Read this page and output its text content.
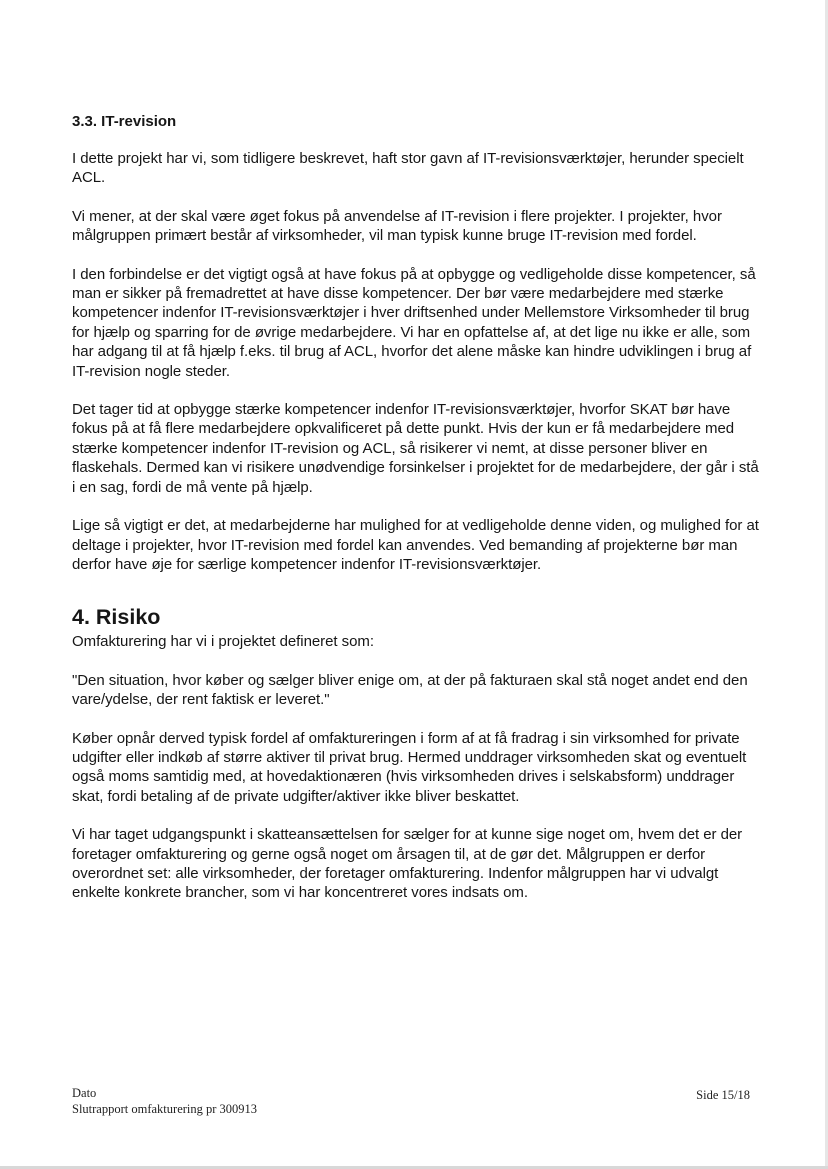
3.3. IT-revision

I dette projekt har vi, som tidligere beskrevet, haft stor gavn af IT-revisionsværktøjer, herunder specielt ACL.

Vi mener, at der skal være øget fokus på anvendelse af IT-revision i flere projekter. I projekter, hvor målgruppen primært består af virksomheder, vil man typisk kunne bruge IT-revision med fordel.

I den forbindelse er det vigtigt også at have fokus på at opbygge og vedligeholde disse kompetencer, så man er sikker på fremadrettet at have disse kompetencer. Der bør være medarbejdere med stærke kompetencer indenfor IT-revisionsværktøjer i hver driftsenhed under Mellemstore Virksomheder til brug for hjælp og sparring for de øvrige medarbejdere. Vi har en opfattelse af, at det lige nu ikke er alle, som har adgang til at få hjælp f.eks. til brug af ACL, hvorfor det alene måske kan hindre udviklingen i brug af IT-revision nogle steder.

Det tager tid at opbygge stærke kompetencer indenfor IT-revisionsværktøjer, hvorfor SKAT bør have fokus på at få flere medarbejdere opkvalificeret på dette punkt. Hvis der kun er få medarbejdere med stærke kompetencer indenfor IT-revision og ACL, så risikerer vi nemt, at disse personer bliver en flaskehals. Dermed kan vi risikere unødvendige forsinkelser i projektet for de medarbejdere, der går i stå i en sag, fordi de må vente på hjælp.

Lige så vigtigt er det, at medarbejderne har mulighed for at vedligeholde denne viden, og mulighed for at deltage i projekter, hvor IT-revision med fordel kan anvendes. Ved bemanding af projekterne bør man derfor have øje for særlige kompetencer indenfor IT-revisionsværktøjer.

4. Risiko

Omfakturering har vi i projektet defineret som:

"Den situation, hvor køber og sælger bliver enige om, at der på fakturaen skal stå noget andet end den vare/ydelse, der rent faktisk er leveret."

Køber opnår derved typisk fordel af omfaktureringen i form af at få fradrag i sin virksomhed for private udgifter eller indkøb af større aktiver til privat brug. Hermed unddrager virksomheden skat og eventuelt også moms samtidig med, at hovedaktionæren (hvis virksomheden drives i selskabsform) unddrager skat, fordi betaling af de private udgifter/aktiver ikke bliver beskattet.

Vi har taget udgangspunkt i skatteansættelsen for sælger for at kunne sige noget om, hvem det er der foretager omfakturering og gerne også noget om årsagen til, at de gør det. Målgruppen er derfor overordnet set: alle virksomheder, der foretager omfakturering. Indenfor målgruppen har vi udvalgt enkelte konkrete brancher, som vi har koncentreret vores indsats om.

Dato
Slutrapport omfakturering pr 300913
Side 15/18
